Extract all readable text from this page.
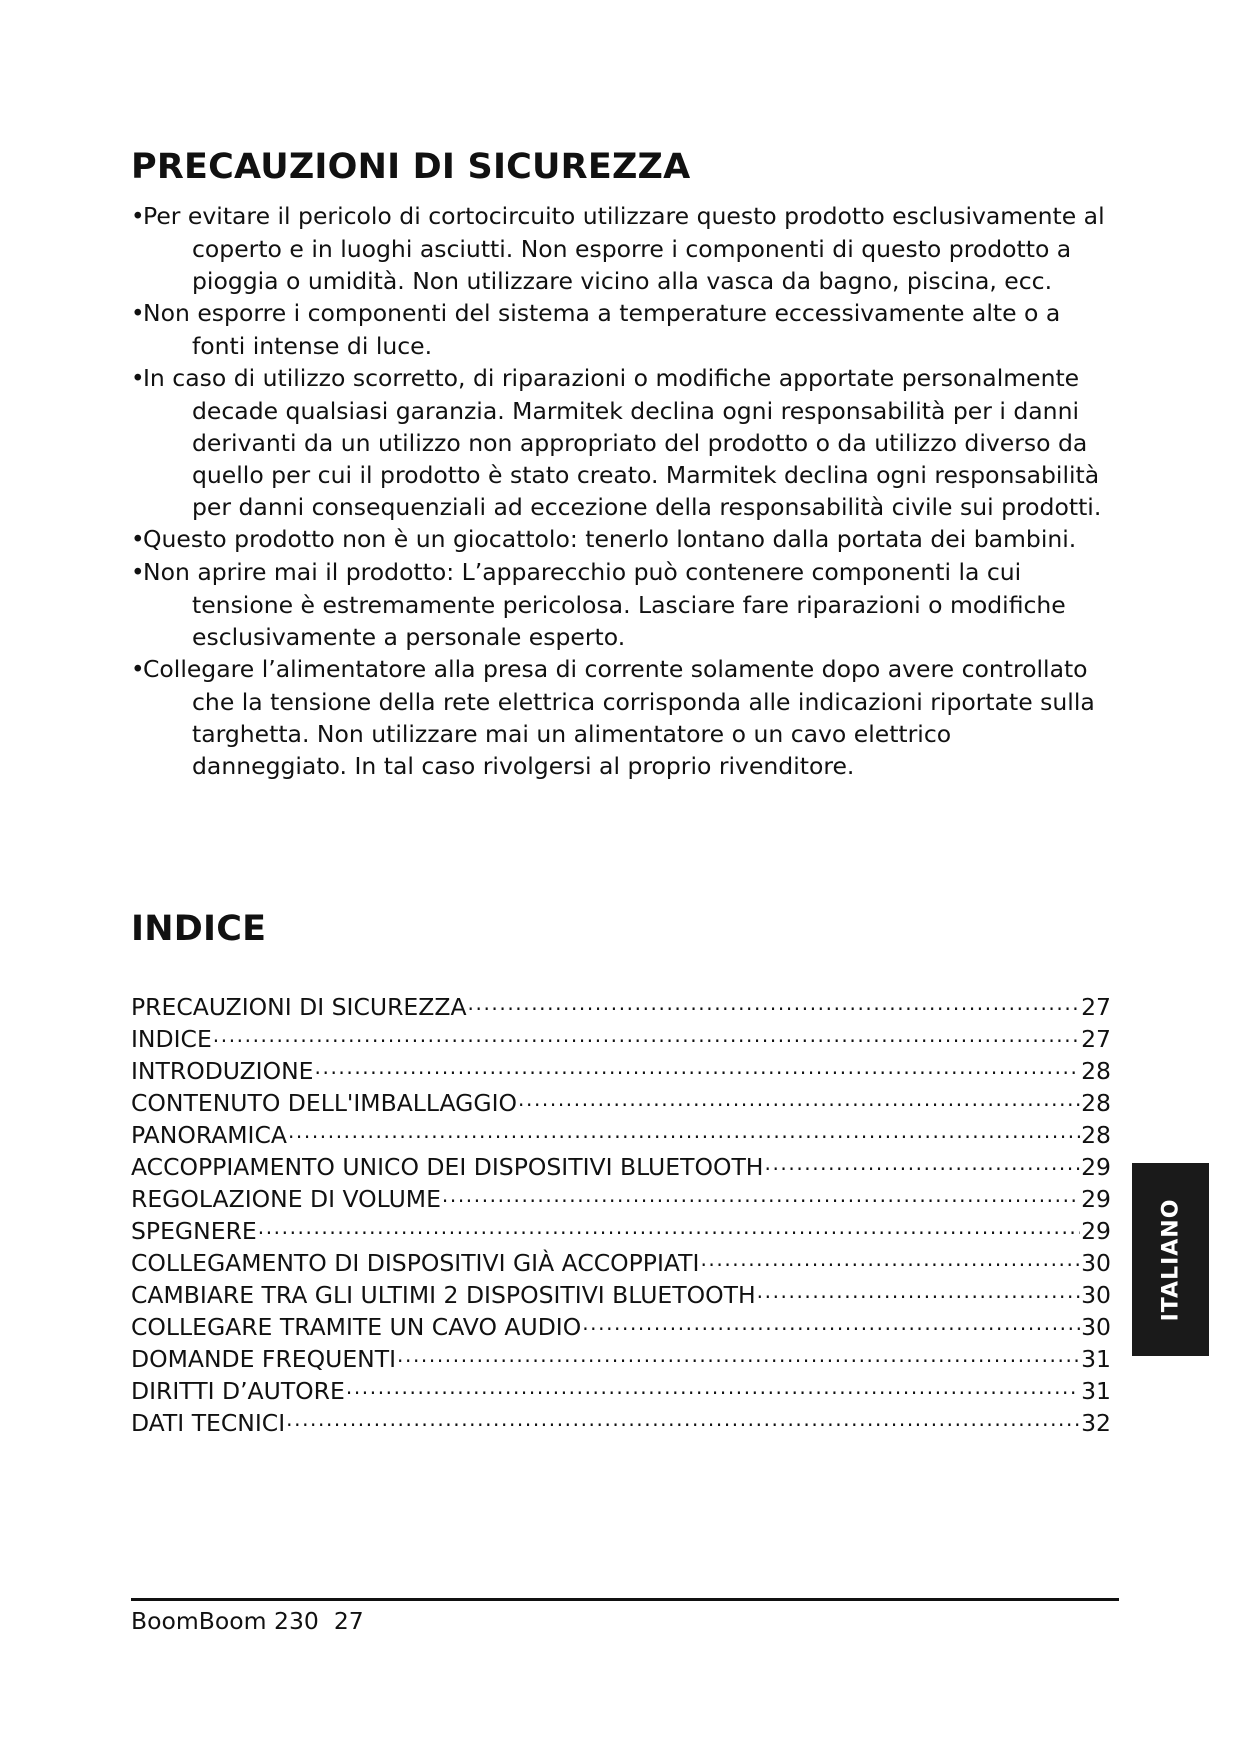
PRECAUZIONI DI SICUREZZA
•Per evitare il pericolo di cortocircuito utilizzare questo prodotto esclusivamente al coperto e in luoghi asciutti. Non esporre i componenti di questo prodotto a pioggia o umidità. Non utilizzare vicino alla vasca da bagno, piscina, ecc.
•Non esporre i componenti del sistema a temperature eccessivamente alte o a fonti intense di luce.
•In caso di utilizzo scorretto, di riparazioni o modifiche apportate personalmente decade qualsiasi garanzia. Marmitek declina ogni responsabilità per i danni derivanti da un utilizzo non appropriato del prodotto o da utilizzo diverso da quello per cui il prodotto è stato creato. Marmitek declina ogni responsabilità per danni consequenziali ad eccezione della responsabilità civile sui prodotti.
•Questo prodotto non è un giocattolo: tenerlo lontano dalla portata dei bambini.
•Non aprire mai il prodotto: L’apparecchio può contenere componenti la cui tensione è estremamente pericolosa. Lasciare fare riparazioni o modifiche esclusivamente a personale esperto.
•Collegare l’alimentatore alla presa di corrente solamente dopo avere controllato che la tensione della rete elettrica corrisponda alle indicazioni riportate sulla targhetta. Non utilizzare mai un alimentatore o un cavo elettrico danneggiato. In tal caso rivolgersi al proprio rivenditore.
INDICE
PRECAUZIONI DI SICUREZZA .....	27
INDICE .....	27
INTRODUZIONE .....	28
CONTENUTO DELL'IMBALLAGGIO .....	28
PANORAMICA .....	28
ACCOPPIAMENTO UNICO DEI DISPOSITIVI BLUETOOTH .....	29
REGOLAZIONE DI VOLUME .....	29
SPEGNERE .....	29
COLLEGAMENTO DI DISPOSITIVI GIÀ ACCOPPIATI .....	30
CAMBIARE TRA GLI ULTIMI 2 DISPOSITIVI BLUETOOTH .....	30
COLLEGARE TRAMITE UN CAVO AUDIO .....	30
DOMANDE FREQUENTI .....	31
DIRITTI D’AUTORE .....	31
DATI TECNICI .....	32
ITALIANO
BoomBoom 230 27
